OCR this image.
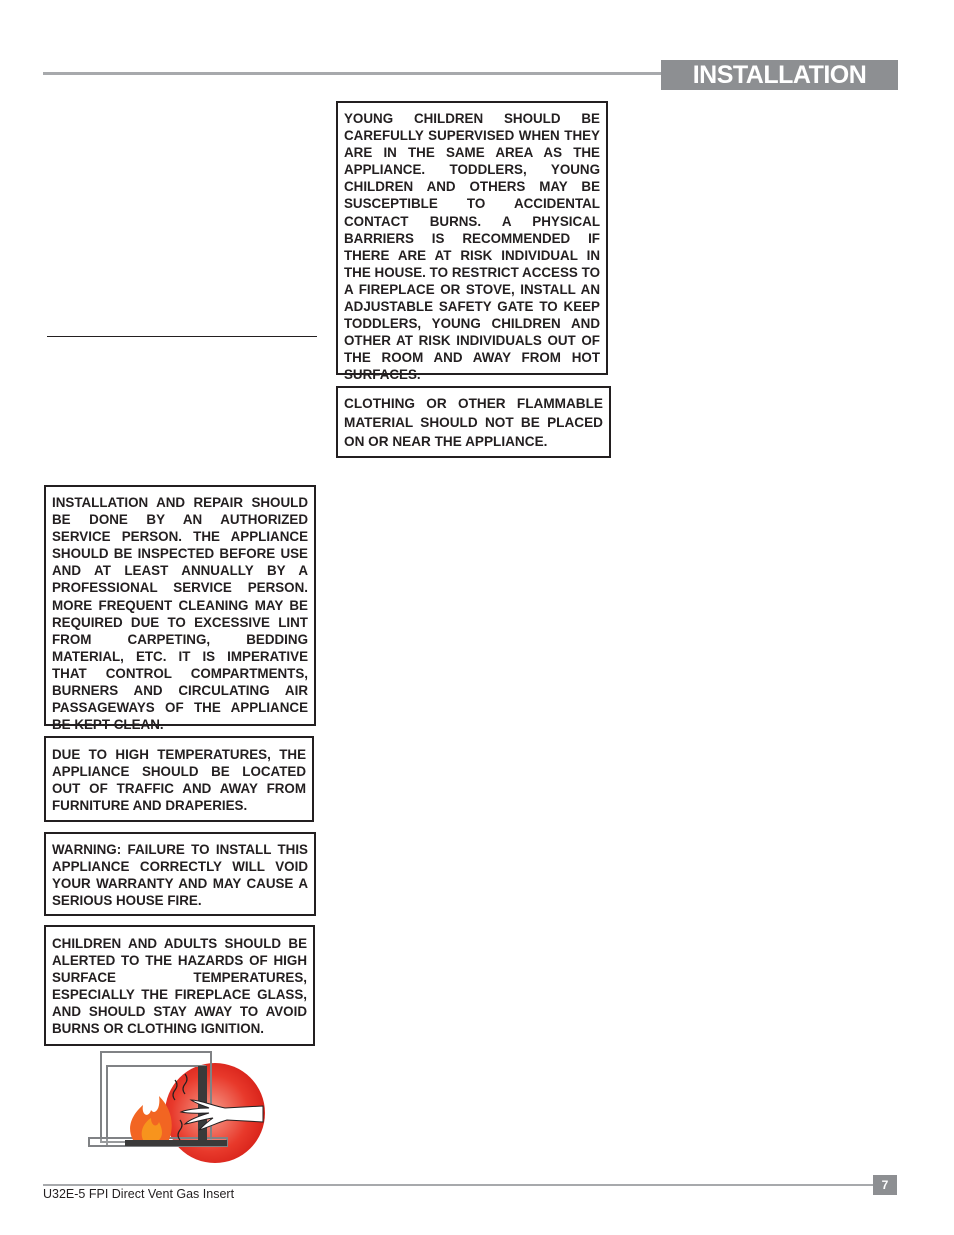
INSTALLATION
YOUNG CHILDREN SHOULD BE CAREFULLY SUPERVISED WHEN THEY ARE IN THE SAME AREA AS THE APPLIANCE. TODDLERS, YOUNG CHILDREN AND OTHERS MAY BE SUSCEPTIBLE TO ACCIDENTAL CONTACT BURNS. A PHYSICAL BARRIERS IS RECOMMENDED IF THERE ARE AT RISK INDIVIDUAL IN THE HOUSE. TO RESTRICT ACCESS TO A FIREPLACE OR STOVE, INSTALL AN ADJUSTABLE SAFETY GATE TO KEEP TODDLERS, YOUNG CHILDREN AND OTHER AT RISK INDIVIDUALS OUT OF THE ROOM AND AWAY FROM HOT SURFACES.
CLOTHING OR OTHER FLAMMABLE MATERIAL SHOULD NOT BE PLACED ON OR NEAR THE APPLIANCE.
INSTALLATION AND REPAIR SHOULD BE DONE BY AN AUTHORIZED SERVICE PERSON. THE APPLIANCE SHOULD BE INSPECTED BEFORE USE AND AT LEAST ANNUALLY BY A PROFESSIONAL SERVICE PERSON. MORE FREQUENT CLEANING MAY BE REQUIRED DUE TO EXCESSIVE LINT FROM CARPETING, BEDDING MATERIAL, ETC. IT IS IMPERATIVE THAT CONTROL COMPARTMENTS, BURNERS AND CIRCULATING AIR PASSAGEWAYS OF THE APPLIANCE BE KEPT CLEAN.
DUE TO HIGH TEMPERATURES, THE APPLIANCE SHOULD BE LOCATED OUT OF TRAFFIC AND AWAY FROM FURNITURE AND DRAPERIES.
WARNING: FAILURE TO INSTALL THIS APPLIANCE CORRECTLY WILL VOID YOUR WARRANTY AND MAY CAUSE A SERIOUS HOUSE FIRE.
CHILDREN AND ADULTS SHOULD BE ALERTED TO THE HAZARDS OF HIGH SURFACE TEMPERATURES, ESPECIALLY THE FIREPLACE GLASS, AND SHOULD STAY AWAY TO AVOID BURNS OR CLOTHING IGNITION.
7
U32E-5 FPI Direct Vent Gas Insert
